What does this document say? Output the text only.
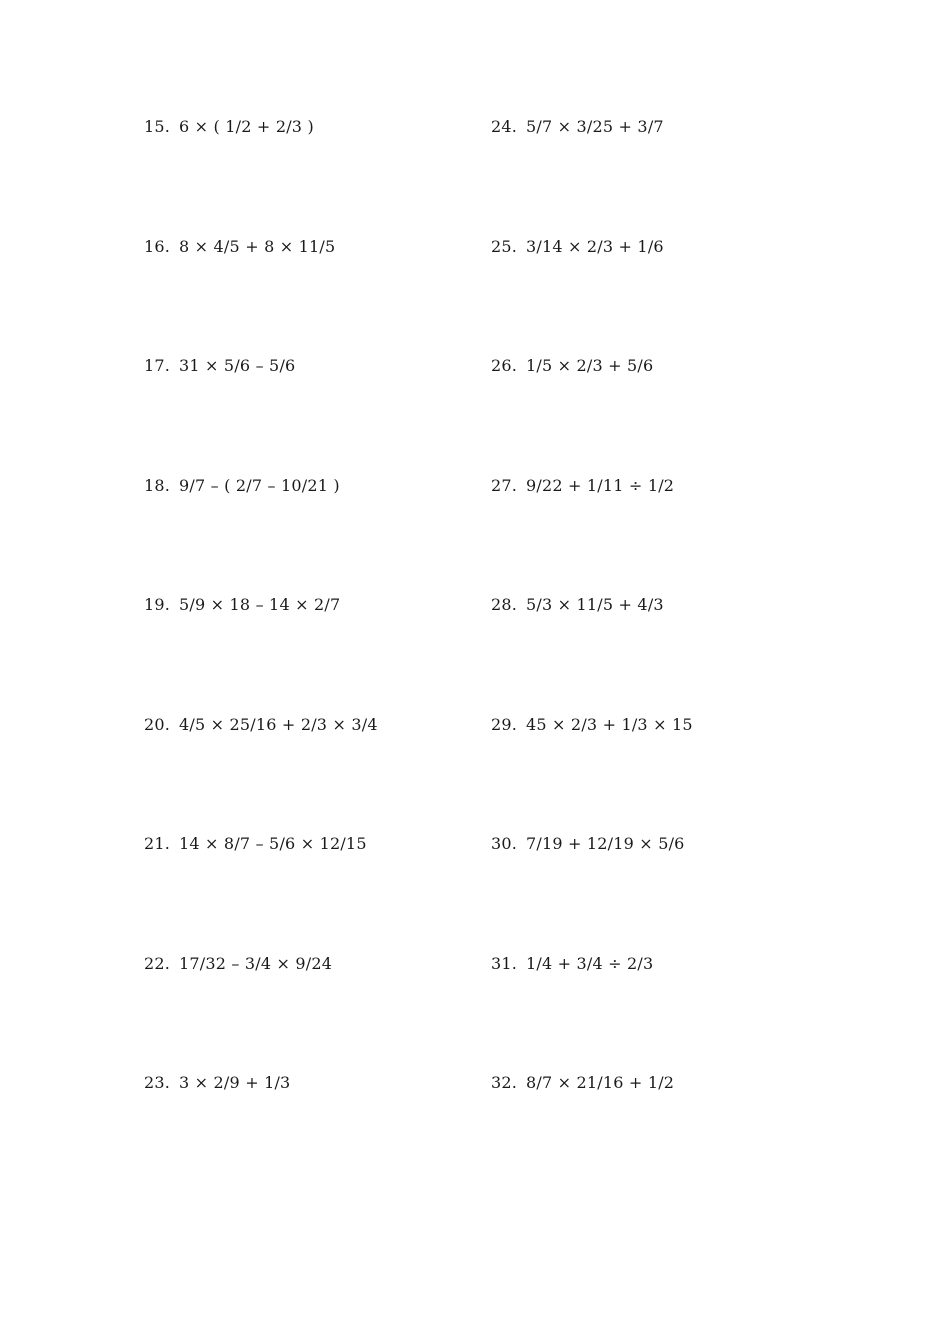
15. 6 × ( 1/2 + 2/3 )
16. 8 × 4/5 + 8 × 11/5
17. 31 × 5/6 – 5/6
18. 9/7 – ( 2/7 – 10/21 )
19. 5/9 × 18 – 14 × 2/7
20. 4/5 × 25/16 + 2/3 × 3/4
21. 14 × 8/7 – 5/6 × 12/15
22. 17/32 – 3/4 × 9/24
23. 3 × 2/9 + 1/3
24. 5/7 × 3/25 + 3/7
25. 3/14 × 2/3 + 1/6
26. 1/5 × 2/3 + 5/6
27. 9/22 + 1/11 ÷ 1/2
28. 5/3 × 11/5 + 4/3
29. 45 × 2/3 + 1/3 × 15
30. 7/19 + 12/19 × 5/6
31. 1/4 + 3/4 ÷ 2/3
32. 8/7 × 21/16 + 1/2
